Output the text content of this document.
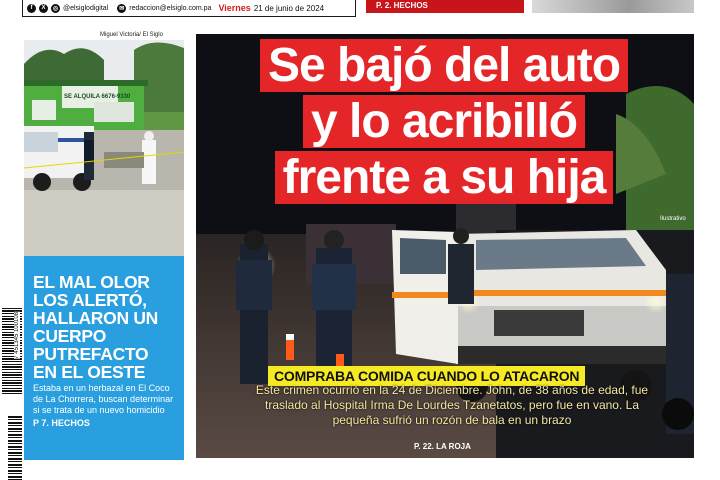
f	X	◎ @elsiglodigital	✉ redaccion@elsiglo.com.pa Viernes 21 de junio de 2024	P. 2. HECHOS
Miguel Victoria/ El Siglo
SE ALQUILA 6676-9330
EL MAL OLOR LOS ALERTÓ, HALLARON UN CUERPO PUTREFACTO EN EL OESTE

Estaba en un herbazal en El Coco de La Chorrera, buscan determinar si se trata de un nuevo homicidio

P 7. HECHOS
7 451345 100108
Se bajó del auto
y lo acribilló
frente a su hija
Ilustrativo
COMPRABA COMIDA CUANDO LO ATACARON
Este crimen ocurrió en la 24 de Diciembre. John, de 38 años de edad, fue traslado al Hospital Irma De Lourdes Tzanetatos, pero fue en vano. La pequeña sufrió un rozón de bala en un brazo
P. 22. LA ROJA
